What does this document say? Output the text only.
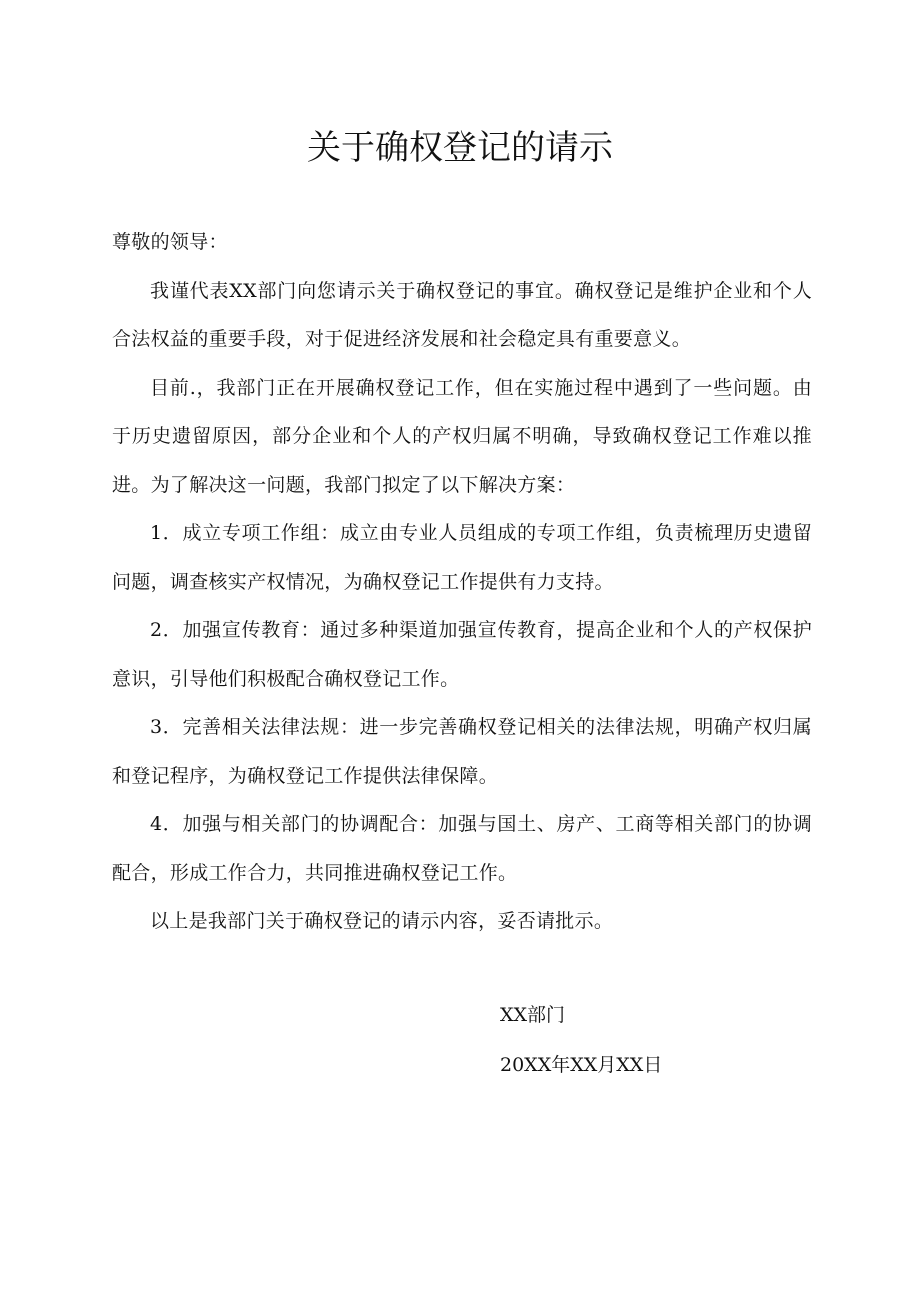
关于确权登记的请示

尊敬的领导：

我谨代表XX部门向您请示关于确权登记的事宜。确权登记是维护企业和个人合法权益的重要手段，对于促进经济发展和社会稳定具有重要意义。

目前.，我部门正在开展确权登记工作，但在实施过程中遇到了一些问题。由于历史遗留原因，部分企业和个人的产权归属不明确，导致确权登记工作难以推进。为了解决这一问题，我部门拟定了以下解决方案：

1．成立专项工作组：成立由专业人员组成的专项工作组，负责梳理历史遗留问题，调查核实产权情况，为确权登记工作提供有力支持。

2．加强宣传教育：通过多种渠道加强宣传教育，提高企业和个人的产权保护意识，引导他们积极配合确权登记工作。

3．完善相关法律法规：进一步完善确权登记相关的法律法规，明确产权归属和登记程序，为确权登记工作提供法律保障。

4．加强与相关部门的协调配合：加强与国土、房产、工商等相关部门的协调配合，形成工作合力，共同推进确权登记工作。

以上是我部门关于确权登记的请示内容，妥否请批示。

XX部门
20XX年XX月XX日
